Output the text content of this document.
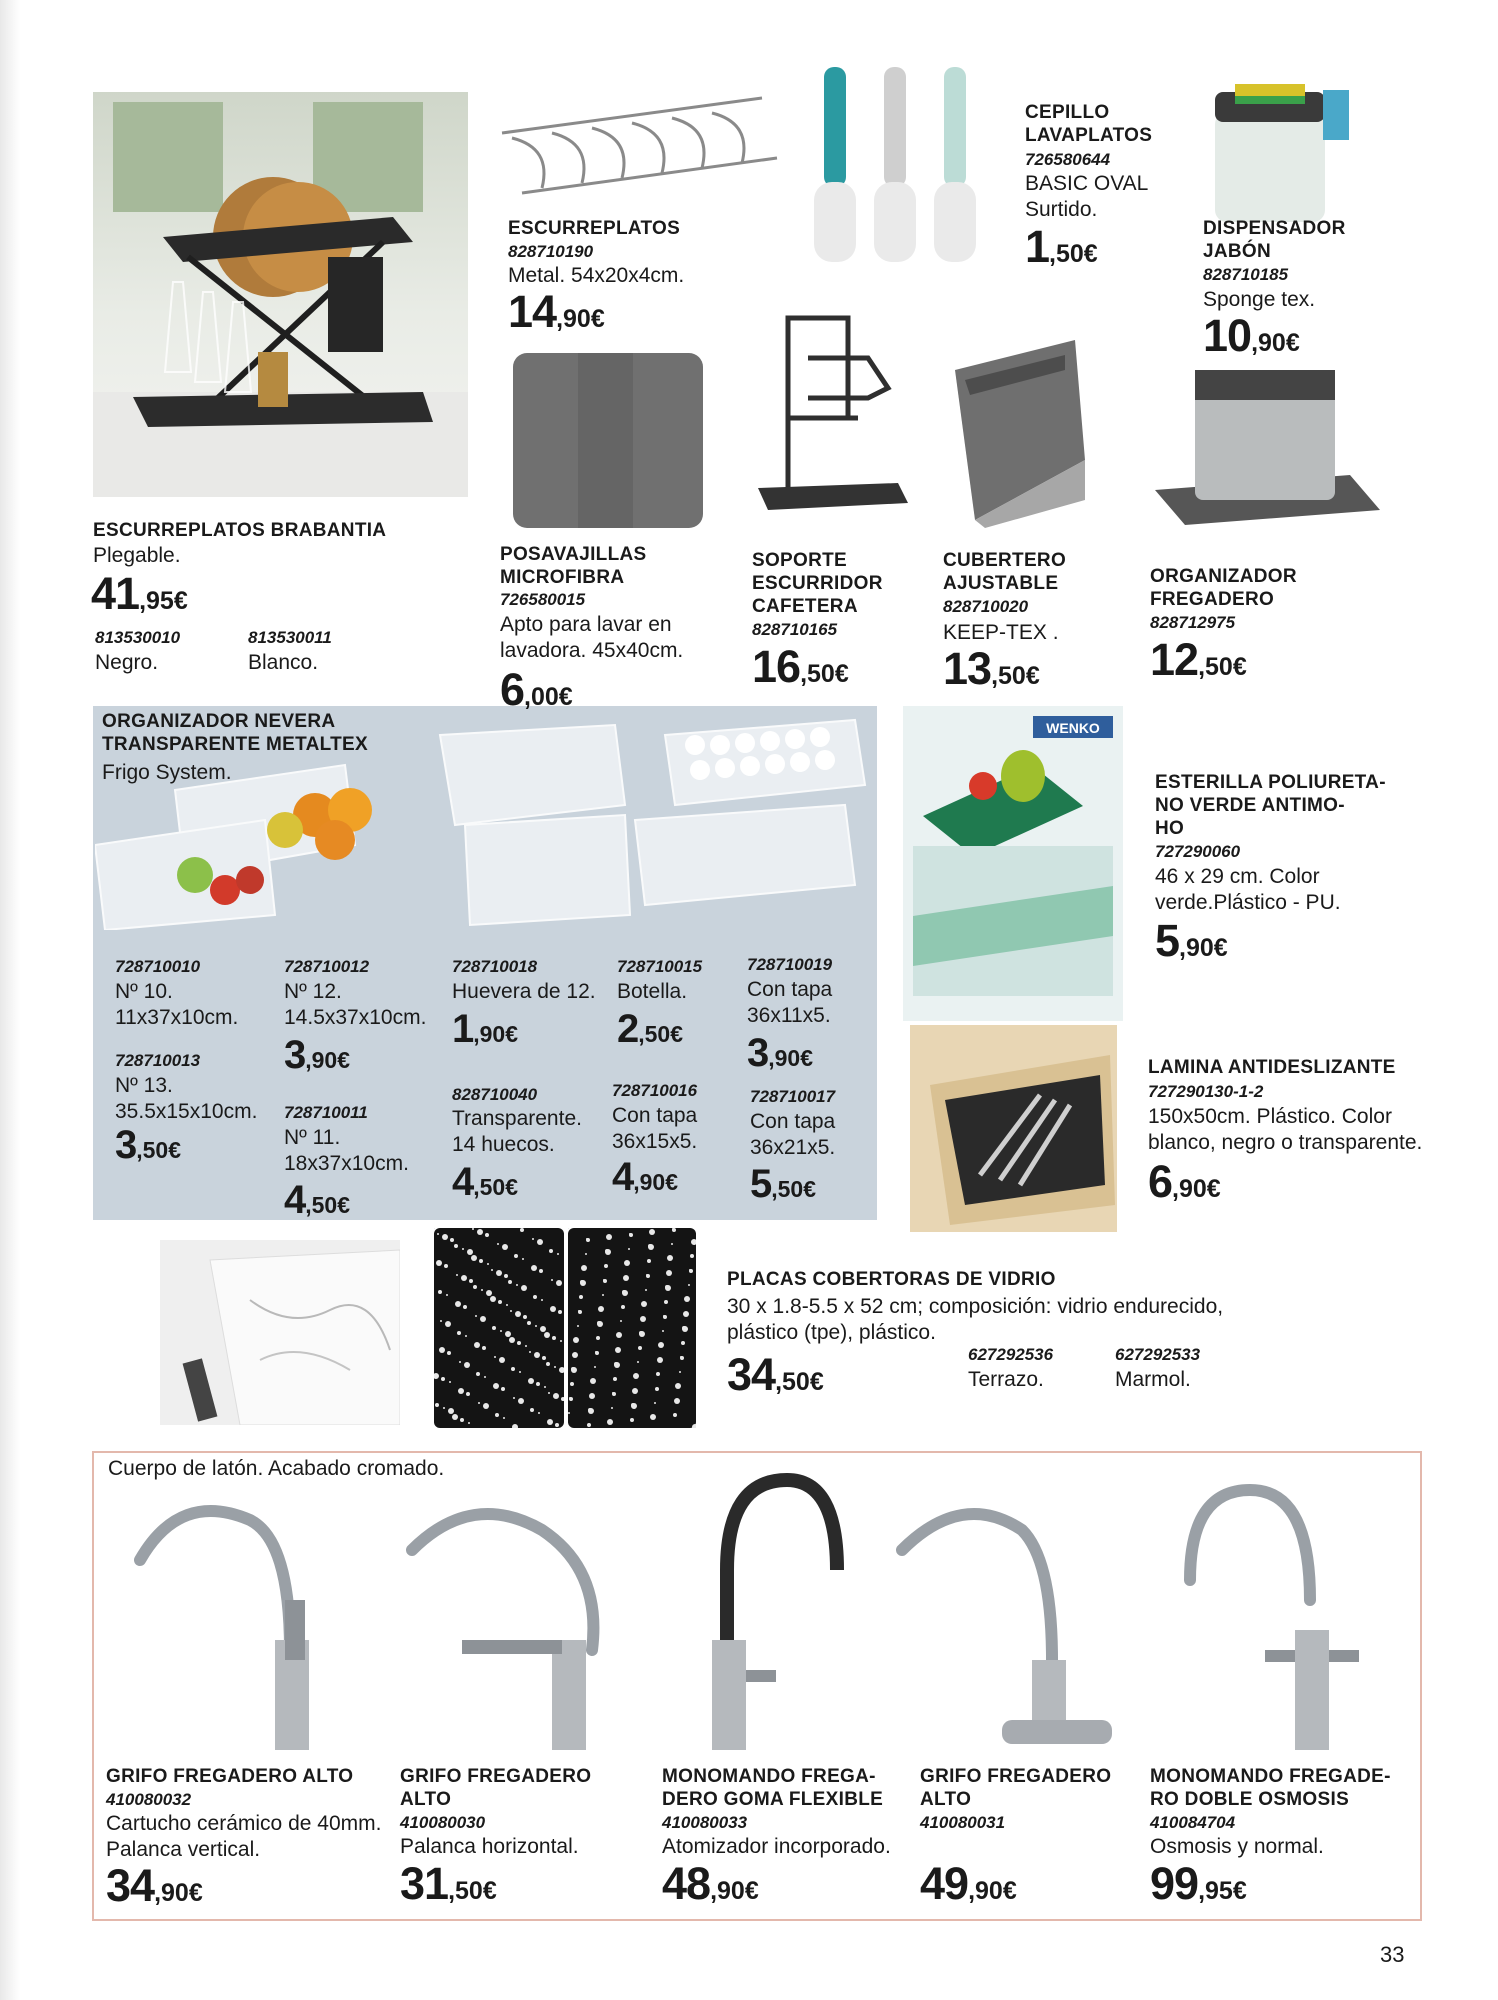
WENKO
ESCURREPLATOS BRABANTIA
Plegable.
41,95€
813530010
Negro.
813530011
Blanco.
ESCURREPLATOS
828710190
Metal. 54x20x4cm.
14,90€
CEPILLO
LAVAPLATOS
726580644
BASIC OVAL
Surtido.
1,50€
DISPENSADOR
JABÓN
828710185
Sponge tex.
10,90€
POSAVAJILLAS
MICROFIBRA
726580015
Apto para lavar en
lavadora. 45x40cm.
6,00€
SOPORTE
ESCURRIDOR
CAFETERA
828710165
16,50€
CUBERTERO
AJUSTABLE
828710020
KEEP-TEX .
13,50€
ORGANIZADOR
FREGADERO
828712975
12,50€
ESTERILLA POLIURETA-
NO VERDE ANTIMO-
HO
727290060
46 x 29 cm. Color
verde.Plástico - PU.
5,90€
LAMINA ANTIDESLIZANTE
727290130-1-2
150x50cm. Plástico. Color
blanco, negro o transparente.
6,90€
PLACAS COBERTORAS DE VIDRIO
30 x 1.8-5.5 x 52 cm; composición: vidrio endurecido,
plástico (tpe), plástico.
34,50€
627292536
Terrazo.
627292533
Marmol.
ORGANIZADOR NEVERA
TRANSPARENTE METALTEX
Frigo System.
728710010
Nº 10.
11x37x10cm.
728710012
Nº 12.
14.5x37x10cm.
3,90€
728710018
Huevera de 12.
1,90€
728710015
Botella.
2,50€
728710019
Con tapa
36x11x5.
3,90€
728710013
Nº 13.
35.5x15x10cm.
3,50€
728710011
Nº 11.
18x37x10cm.
4,50€
828710040
Transparente.
14 huecos.
4,50€
728710016
Con tapa
36x15x5.
4,90€
728710017
Con tapa
36x21x5.
5,50€
Cuerpo de latón. Acabado cromado.
GRIFO FREGADERO ALTO
410080032
Cartucho cerámico de 40mm.
Palanca vertical.
34,90€
GRIFO FREGADERO
ALTO
410080030
Palanca horizontal.
31,50€
MONOMANDO FREGA-
DERO GOMA FLEXIBLE
410080033
Atomizador incorporado.
48,90€
GRIFO FREGADERO
ALTO
410080031
49,90€
MONOMANDO FREGADE-
RO DOBLE OSMOSIS
410084704
Osmosis y normal.
99,95€
33
